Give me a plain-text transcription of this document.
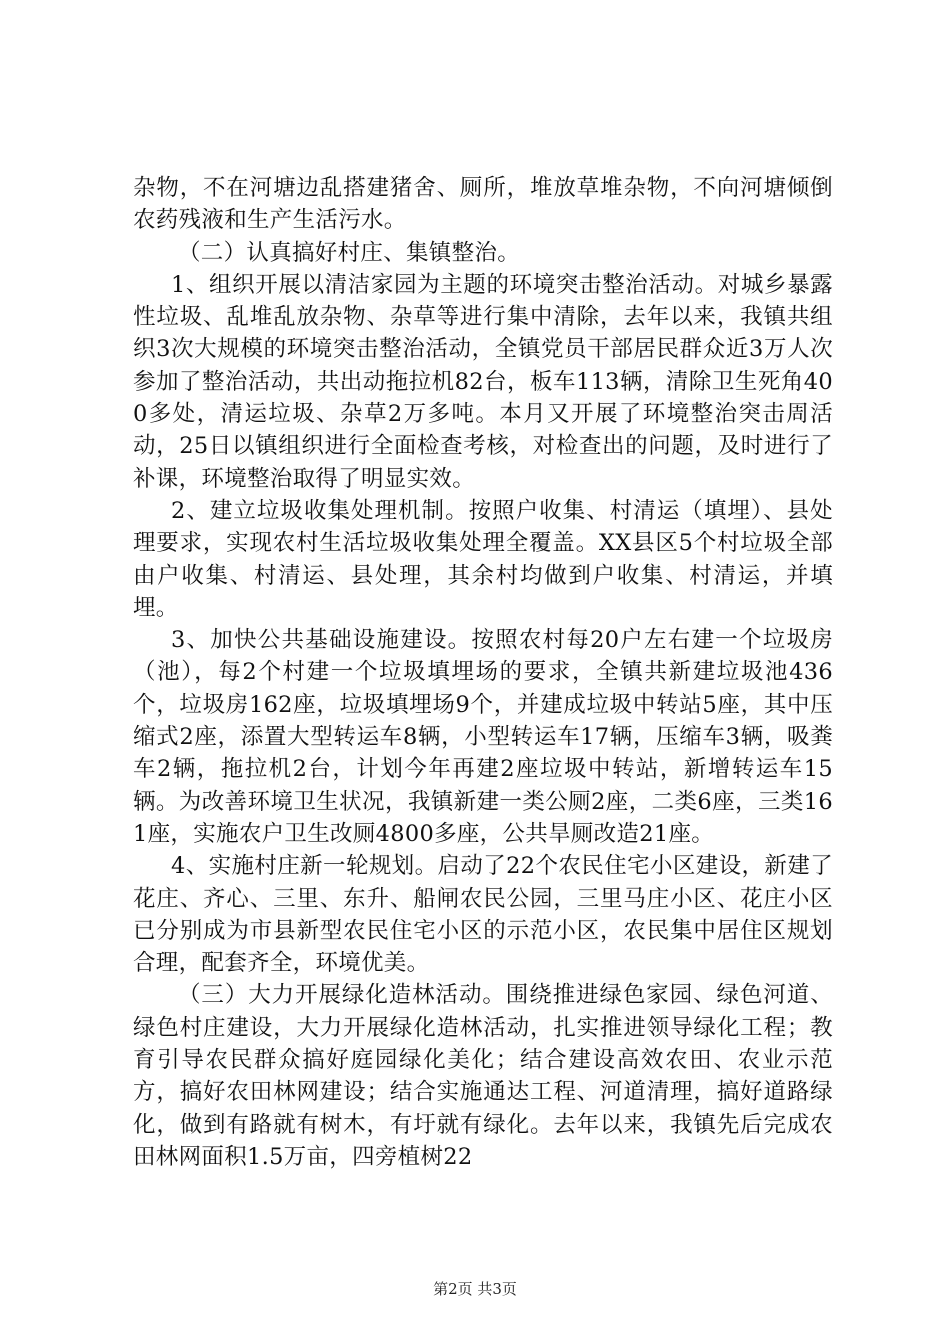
杂物，不在河塘边乱搭建猪舍、厕所，堆放草堆杂物，不向河塘倾倒农药残液和生产生活污水。

（二）认真搞好村庄、集镇整治。

1、组织开展以清洁家园为主题的环境突击整治活动。对城乡暴露性垃圾、乱堆乱放杂物、杂草等进行集中清除，去年以来，我镇共组织3次大规模的环境突击整治活动，全镇党员干部居民群众近3万人次参加了整治活动，共出动拖拉机82台，板车113辆，清除卫生死角400多处，清运垃圾、杂草2万多吨。本月又开展了环境整治突击周活动，25日以镇组织进行全面检查考核，对检查出的问题，及时进行了补课，环境整治取得了明显实效。

2、建立垃圾收集处理机制。按照户收集、村清运（填埋）、县处理要求，实现农村生活垃圾收集处理全覆盖。XX县区5个村垃圾全部由户收集、村清运、县处理，其余村均做到户收集、村清运，并填埋。

3、加快公共基础设施建设。按照农村每20户左右建一个垃圾房（池），每2个村建一个垃圾填埋场的要求，全镇共新建垃圾池436个，垃圾房162座，垃圾填埋场9个，并建成垃圾中转站5座，其中压缩式2座，添置大型转运车8辆，小型转运车17辆，压缩车3辆，吸粪车2辆，拖拉机2台，计划今年再建2座垃圾中转站，新增转运车15辆。为改善环境卫生状况，我镇新建一类公厕2座，二类6座，三类161座，实施农户卫生改厕4800多座，公共旱厕改造21座。

4、实施村庄新一轮规划。启动了22个农民住宅小区建设，新建了花庄、齐心、三里、东升、船闸农民公园，三里马庄小区、花庄小区已分别成为市县新型农民住宅小区的示范小区，农民集中居住区规划合理，配套齐全，环境优美。

（三）大力开展绿化造林活动。围绕推进绿色家园、绿色河道、绿色村庄建设，大力开展绿化造林活动，扎实推进领导绿化工程；教育引导农民群众搞好庭园绿化美化；结合建设高效农田、农业示范方，搞好农田林网建设；结合实施通达工程、河道清理，搞好道路绿化，做到有路就有树木，有圩就有绿化。去年以来，我镇先后完成农田林网面积1.5万亩，四旁植树22

第2页 共3页
